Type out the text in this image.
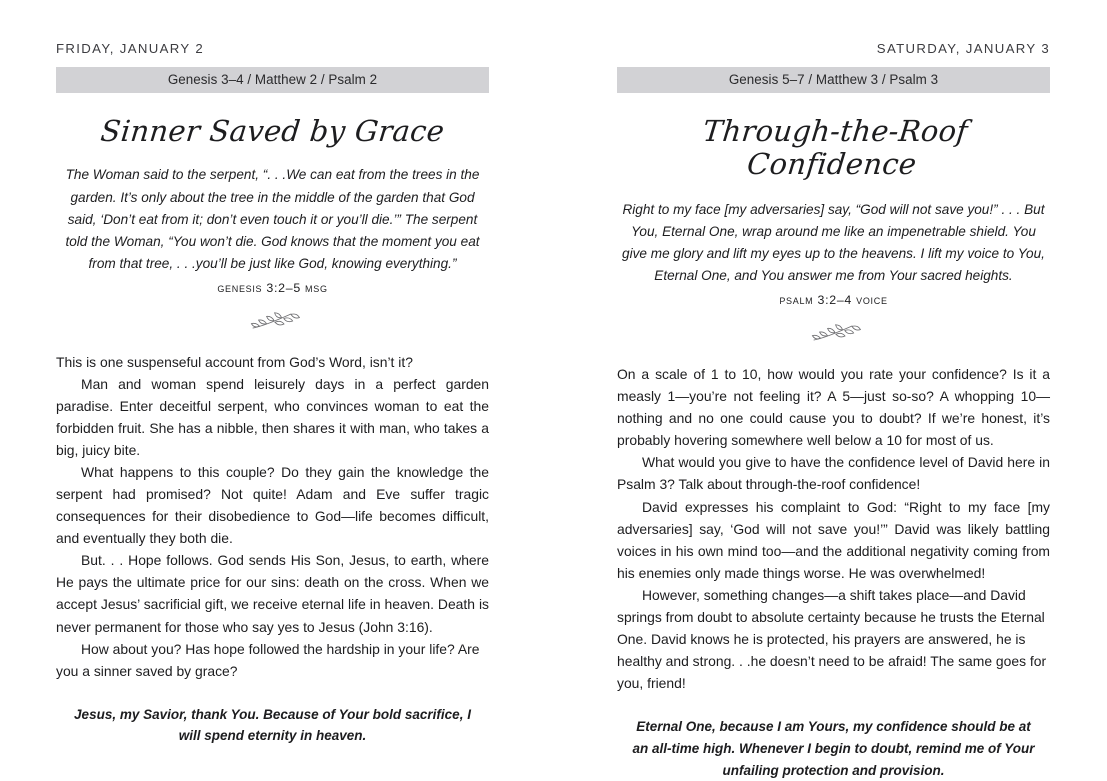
FRIDAY, JANUARY 2
Genesis 3–4 / Matthew 2 / Psalm 2
Sinner Saved by Grace
The Woman said to the serpent, “. . .We can eat from the trees in the garden. It’s only about the tree in the middle of the garden that God said, ‘Don’t eat from it; don’t even touch it or you’ll die.’” The serpent told the Woman, “You won’t die. God knows that the moment you eat from that tree, . . .you’ll be just like God, knowing everything.”
genesis 3:2–5 msg

This is one suspenseful account from God’s Word, isn’t it?

Man and woman spend leisurely days in a perfect garden paradise. Enter deceitful serpent, who convinces woman to eat the forbidden fruit. She has a nibble, then shares it with man, who takes a big, juicy bite.

What happens to this couple? Do they gain the knowledge the serpent had promised? Not quite! Adam and Eve suffer tragic consequences for their disobedience to God—life becomes difficult, and eventually they both die.

But. . . Hope follows. God sends His Son, Jesus, to earth, where He pays the ultimate price for our sins: death on the cross. When we accept Jesus’ sacrificial gift, we receive eternal life in heaven. Death is never permanent for those who say yes to Jesus (John 3:16).

How about you? Has hope followed the hardship in your life? Are you a sinner saved by grace?

Jesus, my Savior, thank You. Because of Your bold sacrifice, I will spend eternity in heaven.
SATURDAY, JANUARY 3
Genesis 5–7 / Matthew 3 / Psalm 3
Through-the-Roof Confidence
Right to my face [my adversaries] say, “God will not save you!” . . . But You, Eternal One, wrap around me like an impenetrable shield. You give me glory and lift my eyes up to the heavens. I lift my voice to You, Eternal One, and You answer me from Your sacred heights.
psalm 3:2–4 voice

On a scale of 1 to 10, how would you rate your confidence? Is it a measly 1—you’re not feeling it? A 5—just so-so? A whopping 10—nothing and no one could cause you to doubt? If we’re honest, it’s probably hovering somewhere well below a 10 for most of us.

What would you give to have the confidence level of David here in Psalm 3? Talk about through-the-roof confidence!

David expresses his complaint to God: “Right to my face [my adversaries] say, ‘God will not save you!’” David was likely battling voices in his own mind too—and the additional negativity coming from his enemies only made things worse. He was overwhelmed!

However, something changes—a shift takes place—and David springs from doubt to absolute certainty because he trusts the Eternal One. David knows he is protected, his prayers are answered, he is healthy and strong. . .he doesn’t need to be afraid! The same goes for you, friend!

Eternal One, because I am Yours, my confidence should be at an all-time high. Whenever I begin to doubt, remind me of Your unfailing protection and provision.
